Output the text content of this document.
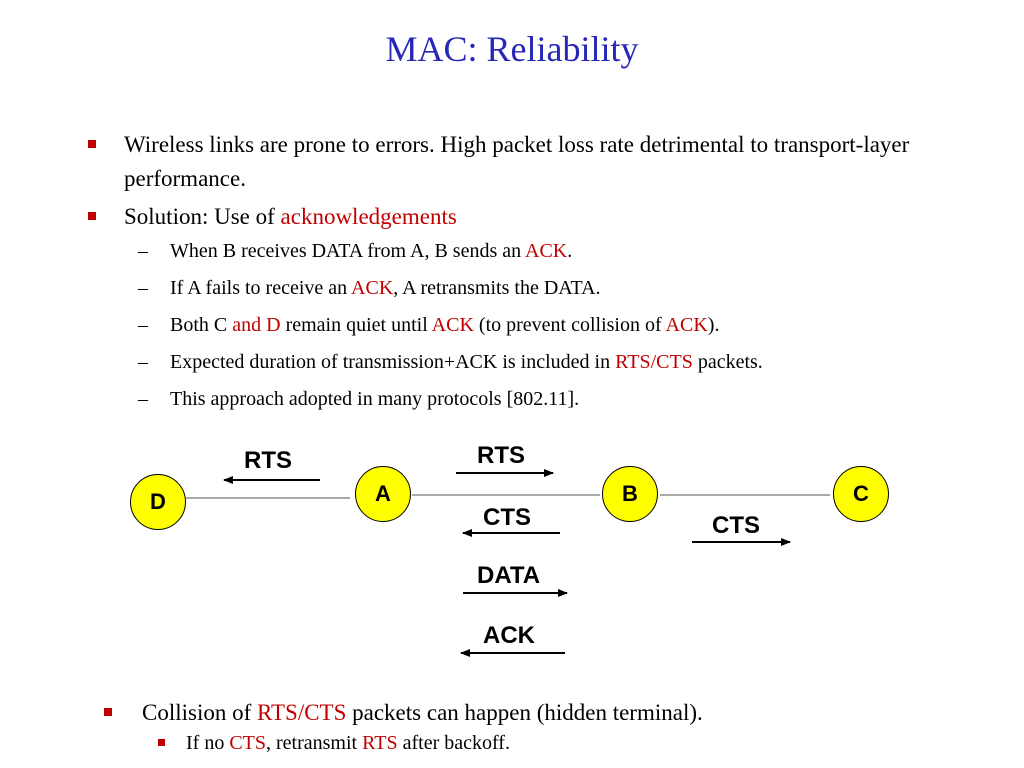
MAC: Reliability
Wireless links are prone to errors. High packet loss rate detrimental to transport-layer performance.
Solution: Use of acknowledgements
– When B receives DATA from A, B sends an ACK.
– If A fails to receive an ACK, A retransmits the DATA.
– Both C and D remain quiet until ACK (to prevent collision of ACK).
– Expected duration of transmission+ACK is included in RTS/CTS packets.
– This approach adopted in many protocols [802.11].
D	A	B	C
RTS	RTS
CTS	CTS
DATA
ACK
Collision of RTS/CTS packets can happen (hidden terminal).
If no CTS, retransmit RTS after backoff.
